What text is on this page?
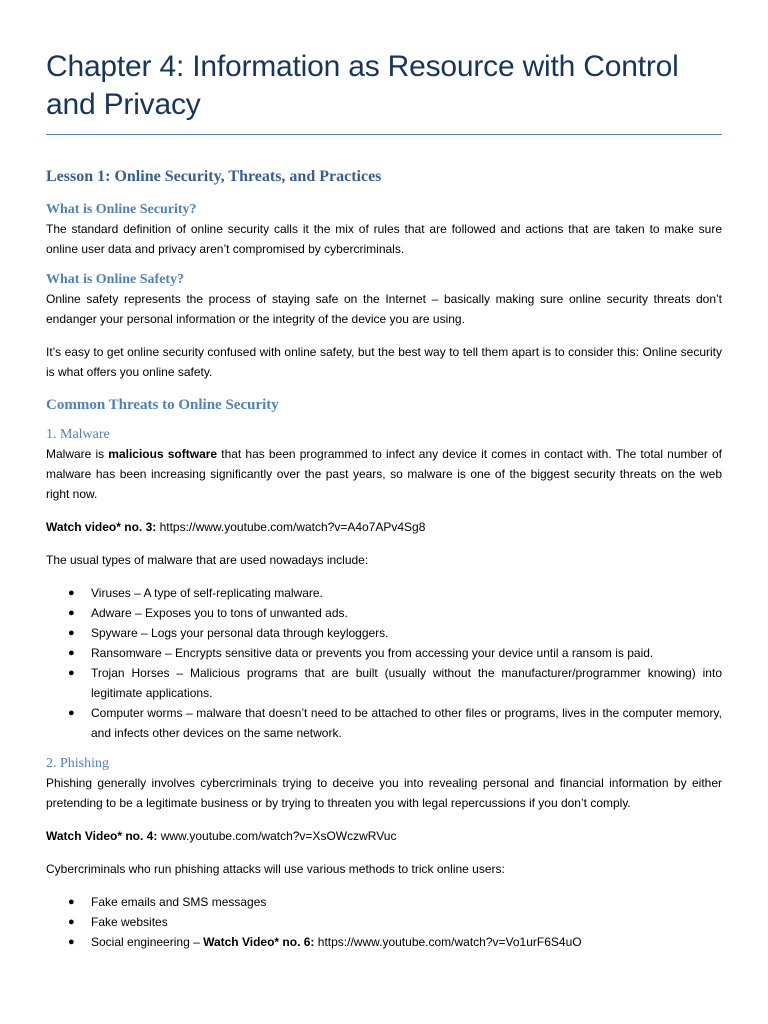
Chapter 4: Information as Resource with Control and Privacy
Lesson 1: Online Security, Threats, and Practices
What is Online Security?

The standard definition of online security calls it the mix of rules that are followed and actions that are taken to make sure online user data and privacy aren’t compromised by cybercriminals.

What is Online Safety?

Online safety represents the process of staying safe on the Internet – basically making sure online security threats don’t endanger your personal information or the integrity of the device you are using.

It’s easy to get online security confused with online safety, but the best way to tell them apart is to consider this: Online security is what offers you online safety.

Common Threats to Online Security
1. Malware

Malware is malicious software that has been programmed to infect any device it comes in contact with. The total number of malware has been increasing significantly over the past years, so malware is one of the biggest security threats on the web right now.

Watch video* no. 3: https://www.youtube.com/watch?v=A4o7APv4Sg8

The usual types of malware that are used nowadays include:

● Viruses – A type of self-replicating malware.
● Adware – Exposes you to tons of unwanted ads.
● Spyware – Logs your personal data through keyloggers.
● Ransomware – Encrypts sensitive data or prevents you from accessing your device until a ransom is paid.
● Trojan Horses – Malicious programs that are built (usually without the manufacturer/programmer knowing) into legitimate applications.
● Computer worms – malware that doesn’t need to be attached to other files or programs, lives in the computer memory, and infects other devices on the same network.
2. Phishing

Phishing generally involves cybercriminals trying to deceive you into revealing personal and financial information by either pretending to be a legitimate business or by trying to threaten you with legal repercussions if you don’t comply.

Watch Video* no. 4: www.youtube.com/watch?v=XsOWczwRVuc

Cybercriminals who run phishing attacks will use various methods to trick online users:

● Fake emails and SMS messages
● Fake websites
● Social engineering – Watch Video* no. 6: https://www.youtube.com/watch?v=Vo1urF6S4uO
